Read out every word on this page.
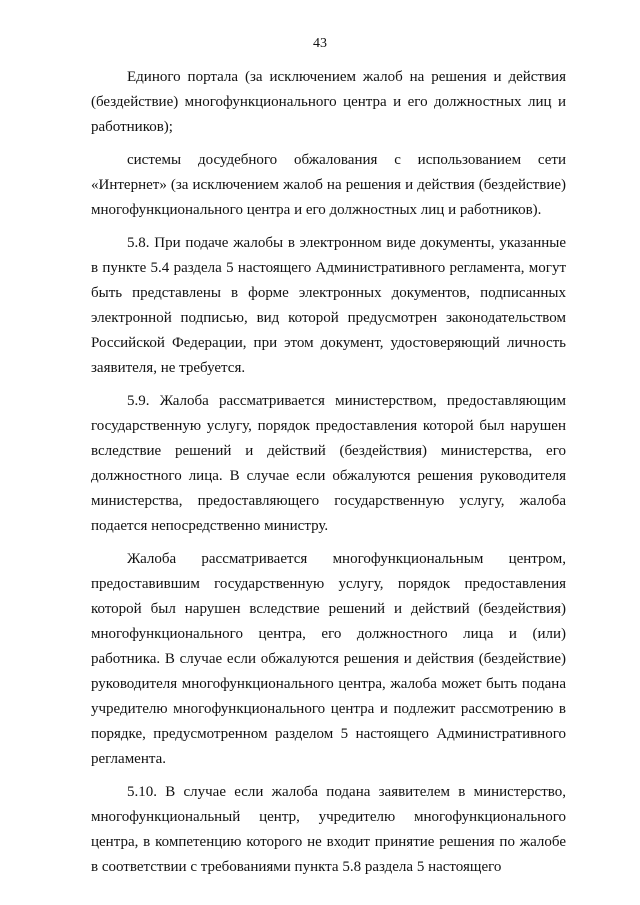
43

Единого портала (за исключением жалоб на решения и действия (бездействие) многофункционального центра и его должностных лиц и работников);

системы досудебного обжалования с использованием сети «Интернет» (за исключением жалоб на решения и действия (бездействие) многофункционального центра и его должностных лиц и работников).

5.8. При подаче жалобы в электронном виде документы, указанные в пункте 5.4 раздела 5 настоящего Административного регламента, могут быть представлены в форме электронных документов, подписанных электронной подписью, вид которой предусмотрен законодательством Российской Федерации, при этом документ, удостоверяющий личность заявителя, не требуется.

5.9. Жалоба рассматривается министерством, предоставляющим государственную услугу, порядок предоставления которой был нарушен вследствие решений и действий (бездействия) министерства, его должностного лица. В случае если обжалуются решения руководителя министерства, предоставляющего государственную услугу, жалоба подается непосредственно министру.

Жалоба рассматривается многофункциональным центром, предоставившим государственную услугу, порядок предоставления которой был нарушен вследствие решений и действий (бездействия) многофункционального центра, его должностного лица и (или) работника. В случае если обжалуются решения и действия (бездействие) руководителя многофункционального центра, жалоба может быть подана учредителю многофункционального центра и подлежит рассмотрению в порядке, предусмотренном разделом 5 настоящего Административного регламента.

5.10. В случае если жалоба подана заявителем в министерство, многофункциональный центр, учредителю многофункционального центра, в компетенцию которого не входит принятие решения по жалобе в соответствии с требованиями пункта 5.8 раздела 5 настоящего
